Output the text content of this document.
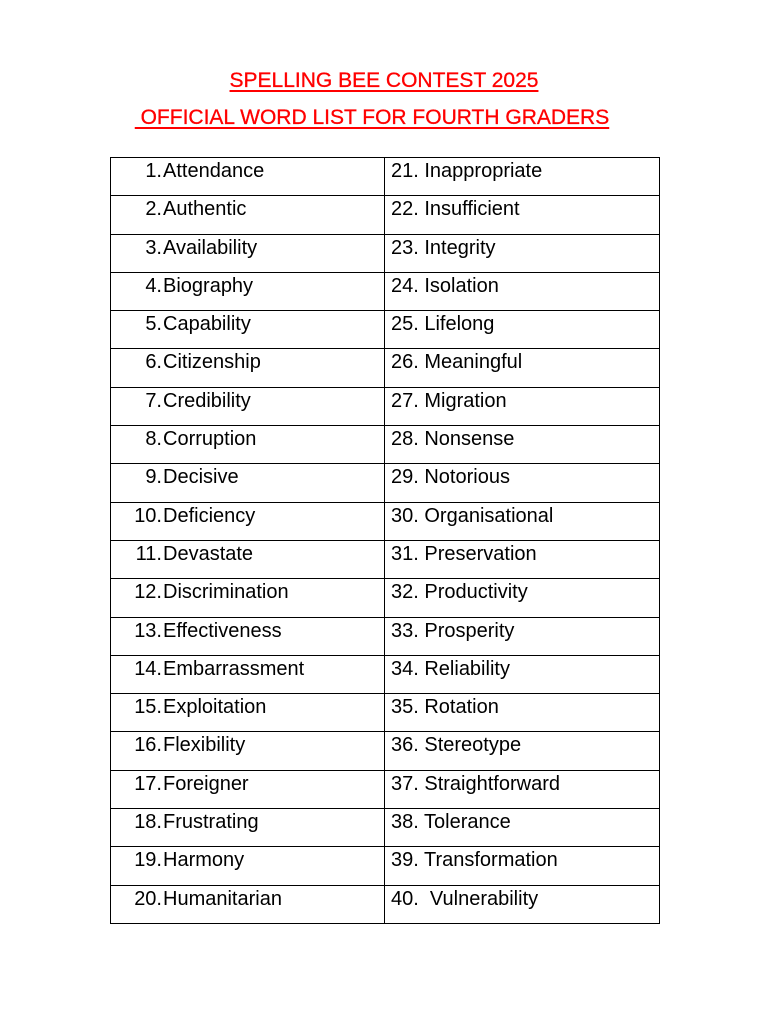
SPELLING BEE CONTEST 2025
OFFICIAL WORD LIST FOR FOURTH GRADERS
1. Attendance	21. Inappropriate

2. Authentic	22. Insufficient

3. Availability	23. Integrity

4. Biography	24. Isolation

5. Capability	25. Lifelong

6. Citizenship	26. Meaningful

7. Credibility	27. Migration

8. Corruption	28. Nonsense

9. Decisive	29. Notorious

10. Deficiency	30. Organisational

11. Devastate	31. Preservation

12. Discrimination	32. Productivity

13. Effectiveness	33. Prosperity

14. Embarrassment	34. Reliability

15. Exploitation	35. Rotation

16. Flexibility	36. Stereotype

17. Foreigner	37. Straightforward

18. Frustrating	38. Tolerance

19. Harmony	39. Transformation

20. Humanitarian	40.  Vulnerability
